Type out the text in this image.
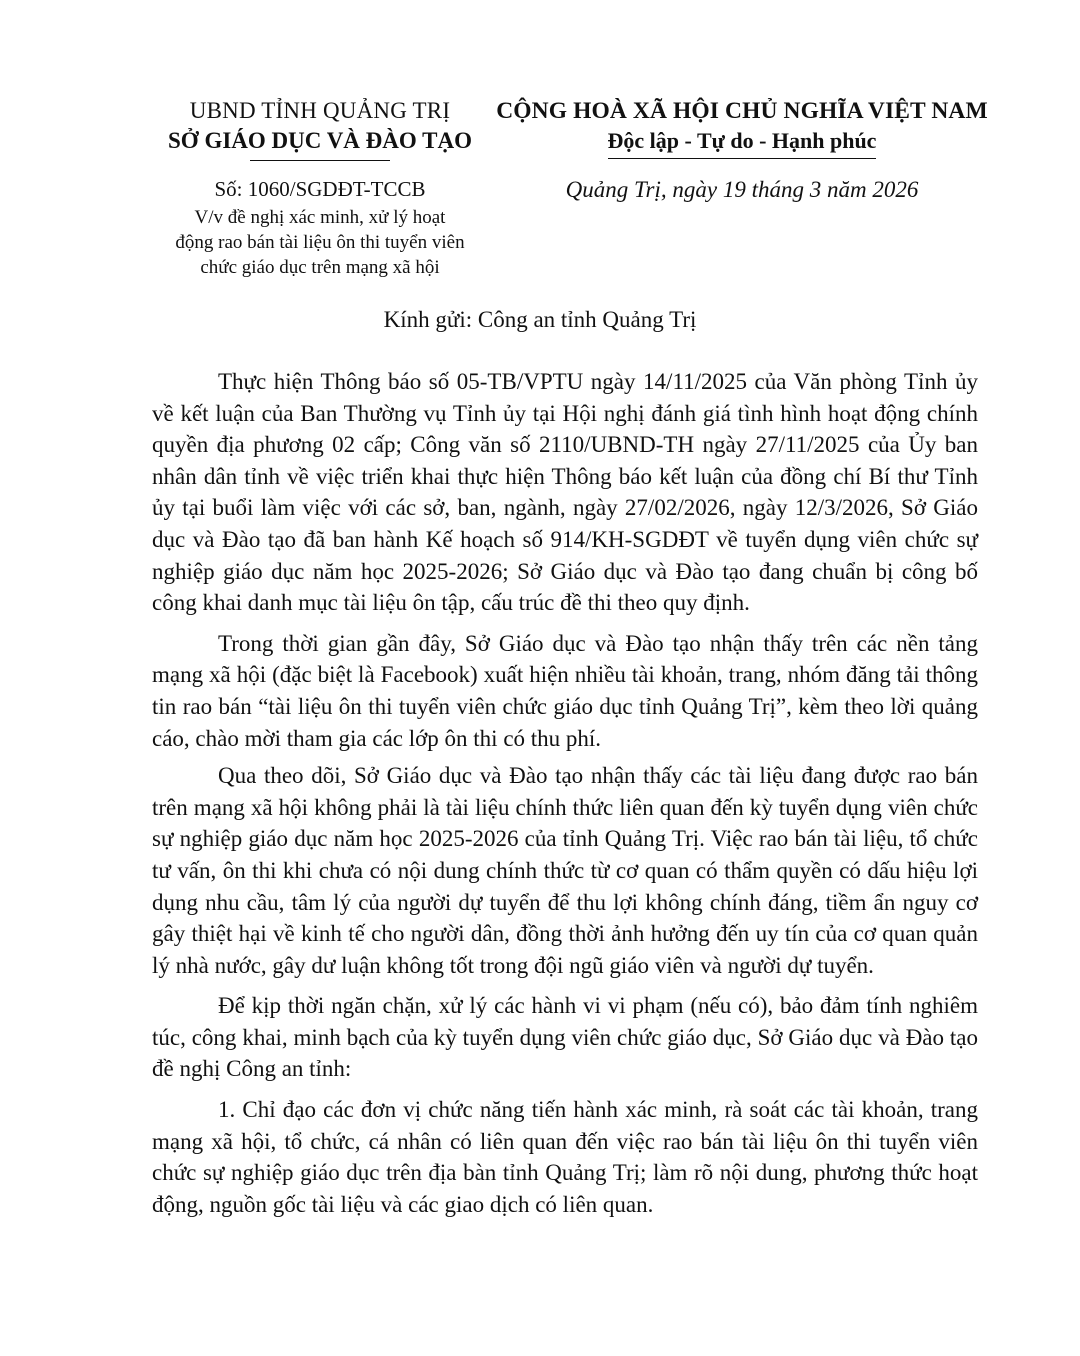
UBND TỈNH QUẢNG TRỊ
SỞ GIÁO DỤC VÀ ĐÀO TẠO
Số: 1060/SGDĐT-TCCB
V/v đề nghị xác minh, xử lý hoạt
động rao bán tài liệu ôn thi tuyển viên
chức giáo dục trên mạng xã hội
CỘNG HOÀ XÃ HỘI CHỦ NGHĨA VIỆT NAM
Độc lập - Tự do - Hạnh phúc
Quảng Trị, ngày 19 tháng 3 năm 2026
Kính gửi: Công an tỉnh Quảng Trị

Thực hiện Thông báo số 05-TB/VPTU ngày 14/11/2025 của Văn phòng Tỉnh ủy về kết luận của Ban Thường vụ Tỉnh ủy tại Hội nghị đánh giá tình hình hoạt động chính quyền địa phương 02 cấp; Công văn số 2110/UBND-TH ngày 27/11/2025 của Ủy ban nhân dân tỉnh về việc triển khai thực hiện Thông báo kết luận của đồng chí Bí thư Tỉnh ủy tại buổi làm việc với các sở, ban, ngành, ngày 27/02/2026, ngày 12/3/2026, Sở Giáo dục và Đào tạo đã ban hành Kế hoạch số 914/KH-SGDĐT về tuyển dụng viên chức sự nghiệp giáo dục năm học 2025-2026; Sở Giáo dục và Đào tạo đang chuẩn bị công bố công khai danh mục tài liệu ôn tập, cấu trúc đề thi theo quy định.

Trong thời gian gần đây, Sở Giáo dục và Đào tạo nhận thấy trên các nền tảng mạng xã hội (đặc biệt là Facebook) xuất hiện nhiều tài khoản, trang, nhóm đăng tải thông tin rao bán “tài liệu ôn thi tuyển viên chức giáo dục tỉnh Quảng Trị”, kèm theo lời quảng cáo, chào mời tham gia các lớp ôn thi có thu phí.

Qua theo dõi, Sở Giáo dục và Đào tạo nhận thấy các tài liệu đang được rao bán trên mạng xã hội không phải là tài liệu chính thức liên quan đến kỳ tuyển dụng viên chức sự nghiệp giáo dục năm học 2025-2026 của tỉnh Quảng Trị. Việc rao bán tài liệu, tổ chức tư vấn, ôn thi khi chưa có nội dung chính thức từ cơ quan có thẩm quyền có dấu hiệu lợi dụng nhu cầu, tâm lý của người dự tuyển để thu lợi không chính đáng, tiềm ẩn nguy cơ gây thiệt hại về kinh tế cho người dân, đồng thời ảnh hưởng đến uy tín của cơ quan quản lý nhà nước, gây dư luận không tốt trong đội ngũ giáo viên và người dự tuyển.

Để kịp thời ngăn chặn, xử lý các hành vi vi phạm (nếu có), bảo đảm tính nghiêm túc, công khai, minh bạch của kỳ tuyển dụng viên chức giáo dục, Sở Giáo dục và Đào tạo đề nghị Công an tỉnh:

1. Chỉ đạo các đơn vị chức năng tiến hành xác minh, rà soát các tài khoản, trang mạng xã hội, tổ chức, cá nhân có liên quan đến việc rao bán tài liệu ôn thi tuyển viên chức sự nghiệp giáo dục trên địa bàn tỉnh Quảng Trị; làm rõ nội dung, phương thức hoạt động, nguồn gốc tài liệu và các giao dịch có liên quan.
